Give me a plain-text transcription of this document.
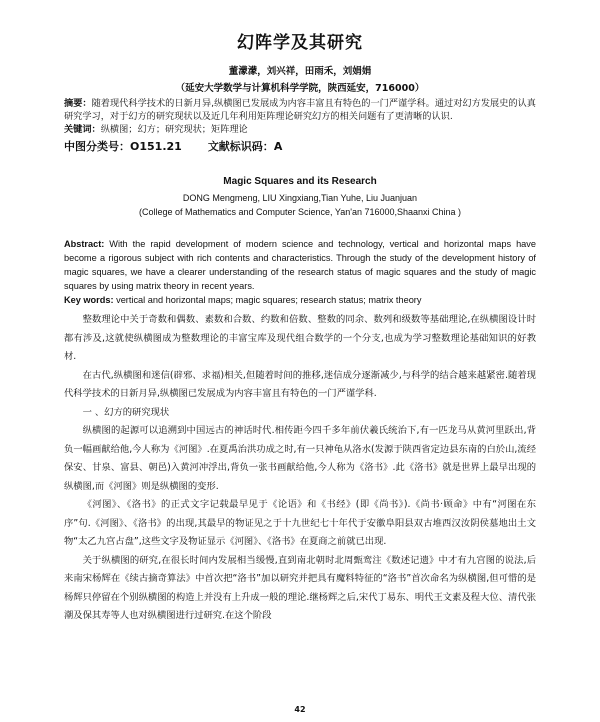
幻阵学及其研究

董濛濛，刘兴祥，田雨禾，刘娟娟

（延安大学数学与计算机科学学院，陕西延安，716000）

摘要：随着现代科学技术的日新月异,纵横图已发展成为内容丰富且有特色的一门严谨学科。通过对幻方发展史的认真研究学习，对于幻方的研究现状以及近几年利用矩阵理论研究幻方的相关问题有了更清晰的认识.

关键词：纵横图；幻方；研究现状；矩阵理论

中图分类号：O151.21 文献标识码：A
Magic Squares and its Research

DONG Mengmeng, LIU Xingxiang,Tian Yuhe, Liu Juanjuan

(College of Mathematics and Computer Science, Yan'an 716000,Shaanxi China )

Abstract: With the rapid development of modern science and technology, vertical and horizontal maps have become a rigorous subject with rich contents and characteristics. Through the study of the development history of magic squares, we have a clearer understanding of the research status of magic squares and the study of magic squares by using matrix theory in recent years.

Key words: vertical and horizontal maps; magic squares; research status; matrix theory

整数理论中关于奇数和偶数、素数和合数、约数和倍数、整数的同余、数列和级数等基础理论,在纵横图设计时都有涉及,这就使纵横图成为整数理论的丰富宝库及现代组合数学的一个分支,也成为学习整数理论基础知识的好教材.

在古代,纵横图和迷信(辟邪、求福)相关,但随着时间的推移,迷信成分逐渐减少,与科学的结合越来越紧密.随着现代科学技术的日新月异,纵横图已发展成为内容丰富且有特色的一门严谨学科.

一 、幻方的研究现状

纵横图的起源可以追溯到中国远古的神话时代.相传距今四千多年前伏羲氏统治下,有一匹龙马从黄河里跃出,背负一幅画献给他,今人称为《河图》.在夏禹治洪功成之时,有一只神龟从洛水(发源于陕西省定边县东南的白於山,流经保安、甘泉、富县、朝邑)入黄河冲浮出,背负一张书画献给他,今人称为《洛书》.此《洛书》就是世界上最早出现的纵横图,而《河图》则是纵横图的变形.

《河图》、《洛书》的正式文字记载最早见于《论语》和《书经》(即《尚书》).《尚书·顾命》中有“河图在东序”句.《河图》、《洛书》的出现,其最早的物证见之于十九世纪七十年代于安徽阜阳县双古堆西汉汝阴侯墓地出土文物“太乙九宫占盘”,这些文字及物证显示《河图》、《洛书》在夏商之前就已出现.

关于纵横图的研究,在很长时间内发展相当缓慢,直到南北朝时北周甄鸾注《数述记遗》中才有九宫图的说法,后来南宋杨辉在《续古摘奇算法》中首次把“洛书”加以研究并把具有魔料特征的“洛书”首次命名为纵横图,但可惜的是杨辉只停留在个别纵横图的构造上并没有上升成一般的理论.继杨辉之后,宋代丁易东、明代王文素及程大位、清代张潮及保其寿等人也对纵横图进行过研究.在这个阶段

42
